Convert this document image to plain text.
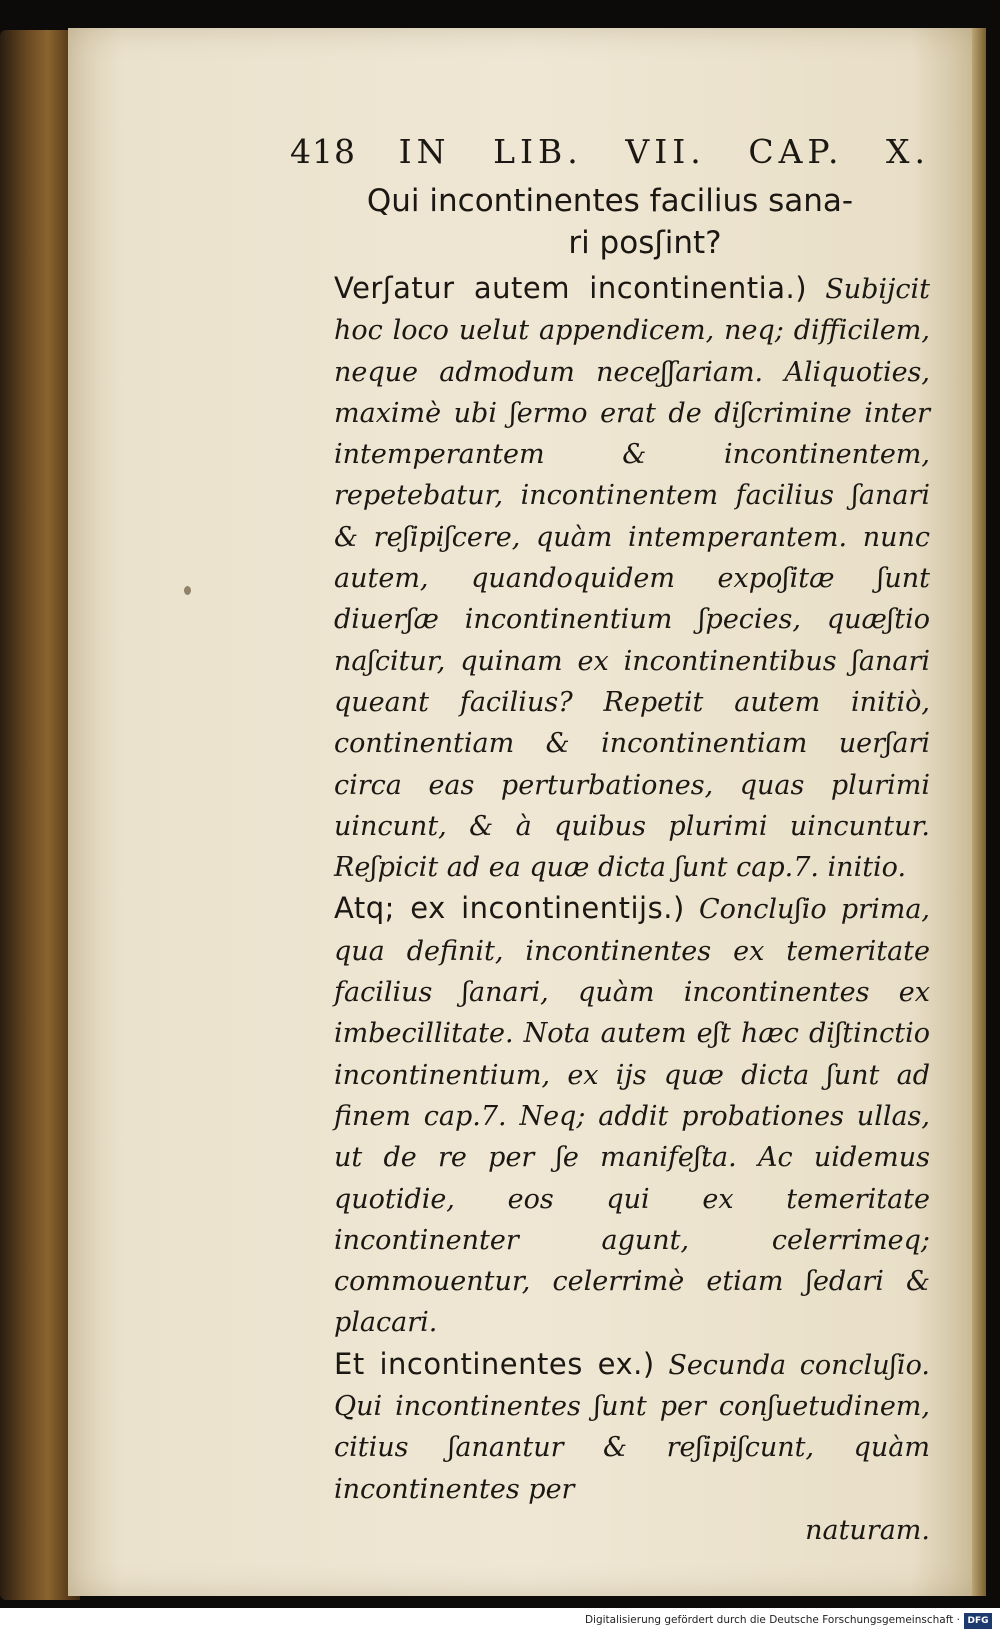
418 IN LIB. VII. CAP. X.
Qui incontinentes facilius sana-
ri posʃint?

Verʃatur autem incontinentia.) Subijcit hoc loco uelut appendicem, neq; difficilem, neque admodum neceʃʃariam. Aliquoties, maximè ubi ʃermo erat de diʃcrimine inter intemperantem & incontinentem, repetebatur, incontinentem facilius ʃanari & reʃipiʃcere, quàm intemperantem. nunc autem, quandoquidem expoʃitæ ʃunt diuerʃæ incontinentium ʃpecies, quæʃtio naʃcitur, quinam ex incontinentibus ʃanari queant facilius? Repetit autem initiò, continentiam & incontinentiam uerʃari circa eas perturbationes, quas plurimi uincunt, & à quibus plurimi uincuntur. Reʃpicit ad ea quæ dicta ʃunt cap.7. initio.

Atq; ex incontinentijs.) Concluʃio prima, qua definit, incontinentes ex temeritate facilius ʃanari, quàm incontinentes ex imbecillitate. Nota autem eʃt hæc diʃtinctio incontinentium, ex ijs quæ dicta ʃunt ad finem cap.7. Neq; addit probationes ullas, ut de re per ʃe manifeʃta. Ac uidemus quotidie, eos qui ex temeritate incontinenter agunt, celerrimeq; commouentur, celerrimè etiam ʃedari & placari.

Et incontinentes ex.) Secunda concluʃio. Qui incontinentes ʃunt per conʃuetudinem, citius ʃanantur & reʃipiʃcunt, quàm incontinentes per

naturam.
Digitalisierung gefördert durch die Deutsche Forschungsgemeinschaft · DFG
